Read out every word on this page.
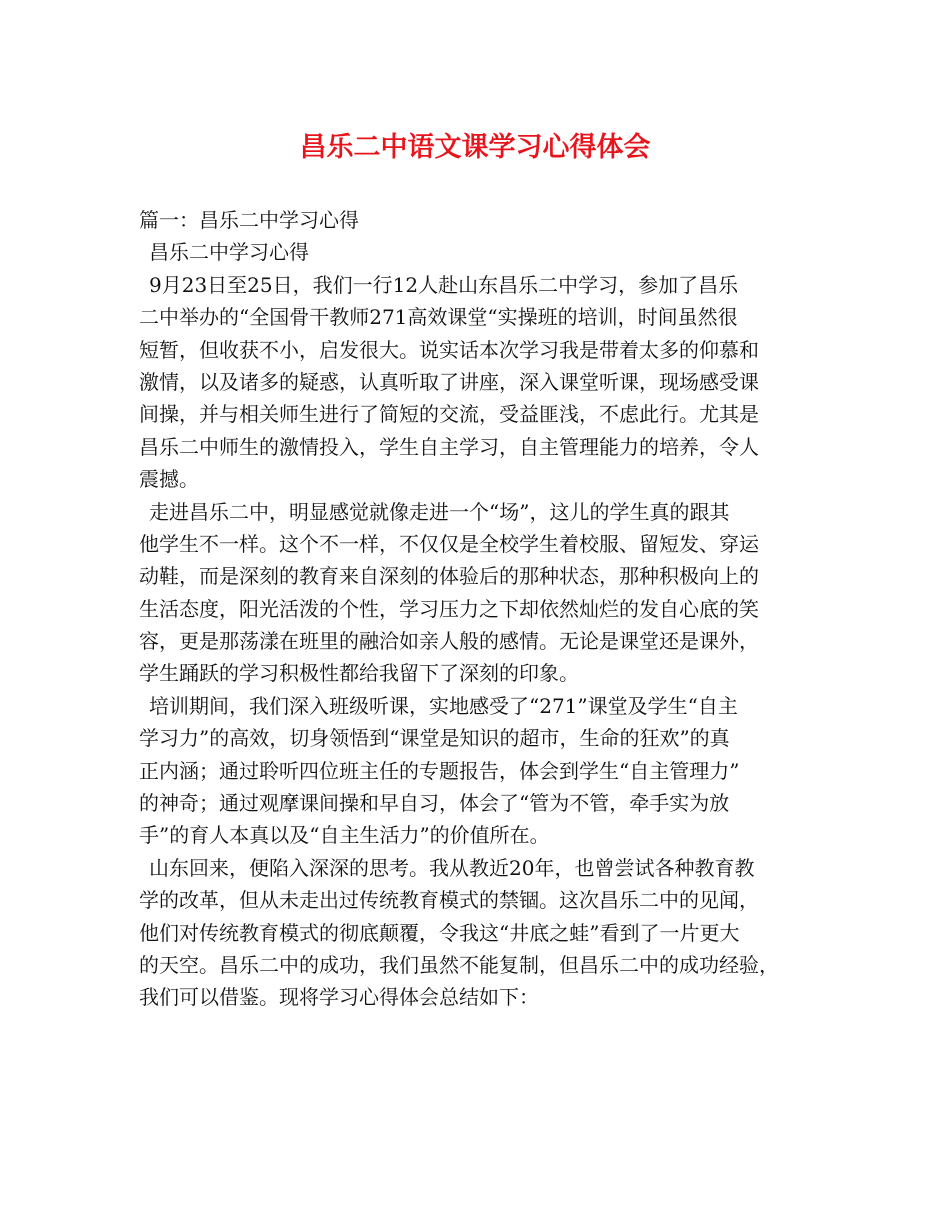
昌乐二中语文课学习心得体会
篇一：昌乐二中学习心得
昌乐二中学习心得
9月23日至25日，我们一行12人赴山东昌乐二中学习，参加了昌乐
二中举办的“全国骨干教师271高效课堂“实操班的培训，时间虽然很
短暂，但收获不小，启发很大。说实话本次学习我是带着太多的仰慕和
激情，以及诸多的疑惑，认真听取了讲座，深入课堂听课，现场感受课
间操，并与相关师生进行了简短的交流，受益匪浅，不虑此行。尤其是
昌乐二中师生的激情投入，学生自主学习，自主管理能力的培养，令人
震撼。
走进昌乐二中，明显感觉就像走进一个“场”，这儿的学生真的跟其
他学生不一样。这个不一样，不仅仅是全校学生着校服、留短发、穿运
动鞋，而是深刻的教育来自深刻的体验后的那种状态，那种积极向上的
生活态度，阳光活泼的个性，学习压力之下却依然灿烂的发自心底的笑
容，更是那荡漾在班里的融洽如亲人般的感情。无论是课堂还是课外，
学生踊跃的学习积极性都给我留下了深刻的印象。
培训期间，我们深入班级听课，实地感受了“271”课堂及学生“自主
学习力”的高效，切身领悟到“课堂是知识的超市，生命的狂欢”的真
正内涵；通过聆听四位班主任的专题报告，体会到学生“自主管理力”
的神奇；通过观摩课间操和早自习，体会了“管为不管，牵手实为放
手”的育人本真以及“自主生活力”的价值所在。
山东回来，便陷入深深的思考。我从教近20年，也曾尝试各种教育教
学的改革，但从未走出过传统教育模式的禁锢。这次昌乐二中的见闻，
他们对传统教育模式的彻底颠覆，令我这“井底之蛙”看到了一片更大
的天空。昌乐二中的成功，我们虽然不能复制，但昌乐二中的成功经验，
我们可以借鉴。现将学习心得体会总结如下：
